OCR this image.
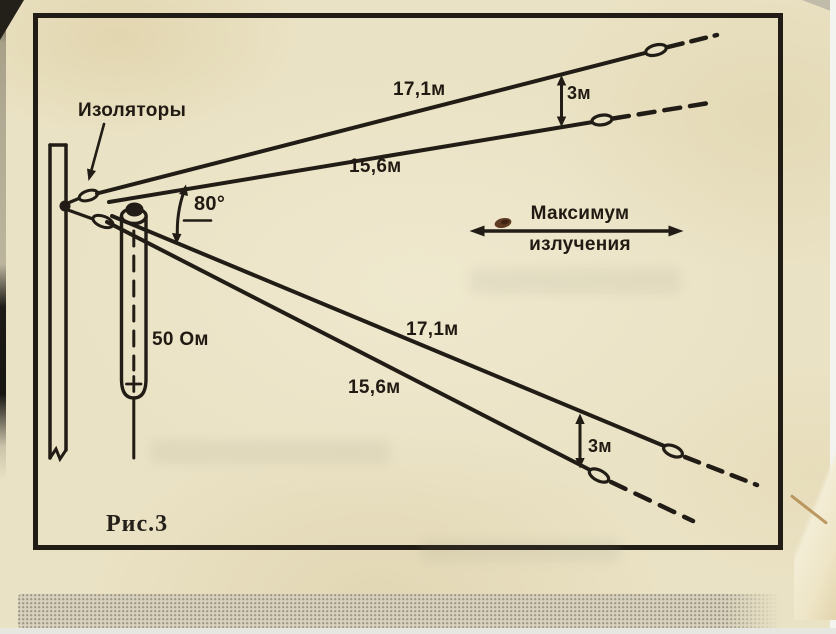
Изоляторы
17,1м
15,6м
3м
80°
50 Ом
Максимум
излучения
17,1м
15,6м
3м
Рис.3
